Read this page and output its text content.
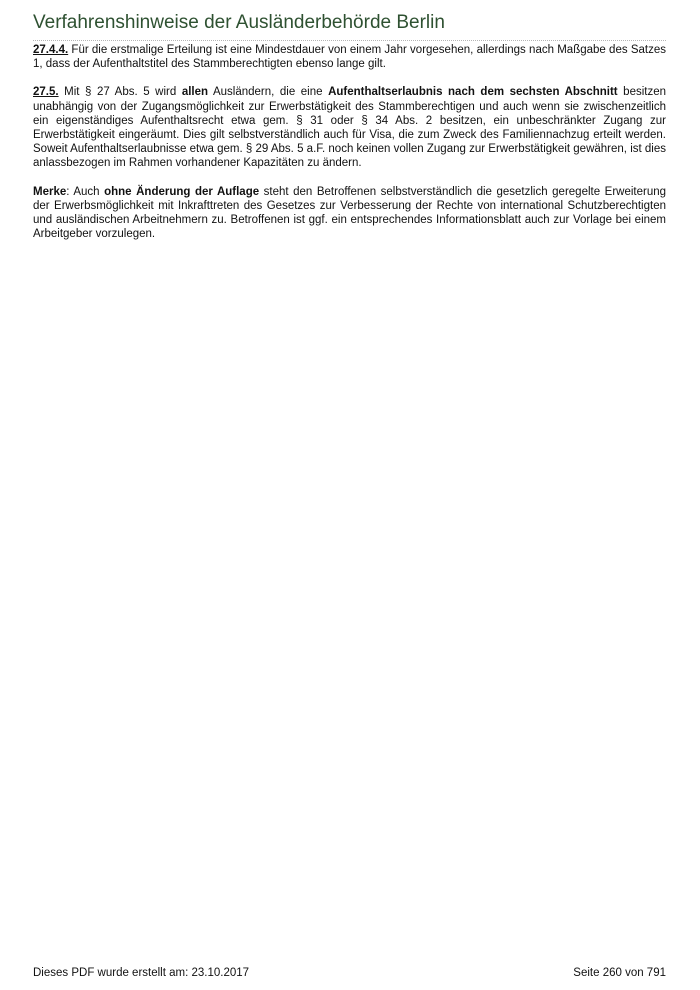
Verfahrenshinweise der Ausländerbehörde Berlin

27.4.4. Für die erstmalige Erteilung ist eine Mindestdauer von einem Jahr vorgesehen, allerdings nach Maßgabe des Satzes 1, dass der Aufenthaltstitel des Stammberechtigten ebenso lange gilt.

27.5. Mit § 27 Abs. 5 wird allen Ausländern, die eine Aufenthaltserlaubnis nach dem sechsten Abschnitt besitzen unabhängig von der Zugangsmöglichkeit zur Erwerbstätigkeit des Stammberechtigen und auch wenn sie zwischenzeitlich ein eigenständiges Aufenthaltsrecht etwa gem. § 31 oder § 34 Abs. 2 besitzen, ein unbeschränkter Zugang zur Erwerbstätigkeit eingeräumt. Dies gilt selbstverständlich auch für Visa, die zum Zweck des Familiennachzug erteilt werden. Soweit Aufenthaltserlaubnisse etwa gem. § 29 Abs. 5 a.F. noch keinen vollen Zugang zur Erwerbstätigkeit gewähren, ist dies anlassbezogen im Rahmen vorhandener Kapazitäten zu ändern.

Merke: Auch ohne Änderung der Auflage steht den Betroffenen selbstverständlich die gesetzlich geregelte Erweiterung der Erwerbsmöglichkeit mit Inkrafttreten des Gesetzes zur Verbesserung der Rechte von international Schutzberechtigten und ausländischen Arbeitnehmern zu. Betroffenen ist ggf. ein entsprechendes Informationsblatt auch zur Vorlage bei einem Arbeitgeber vorzulegen.

Dieses PDF wurde erstellt am: 23.10.2017	Seite 260 von 791
